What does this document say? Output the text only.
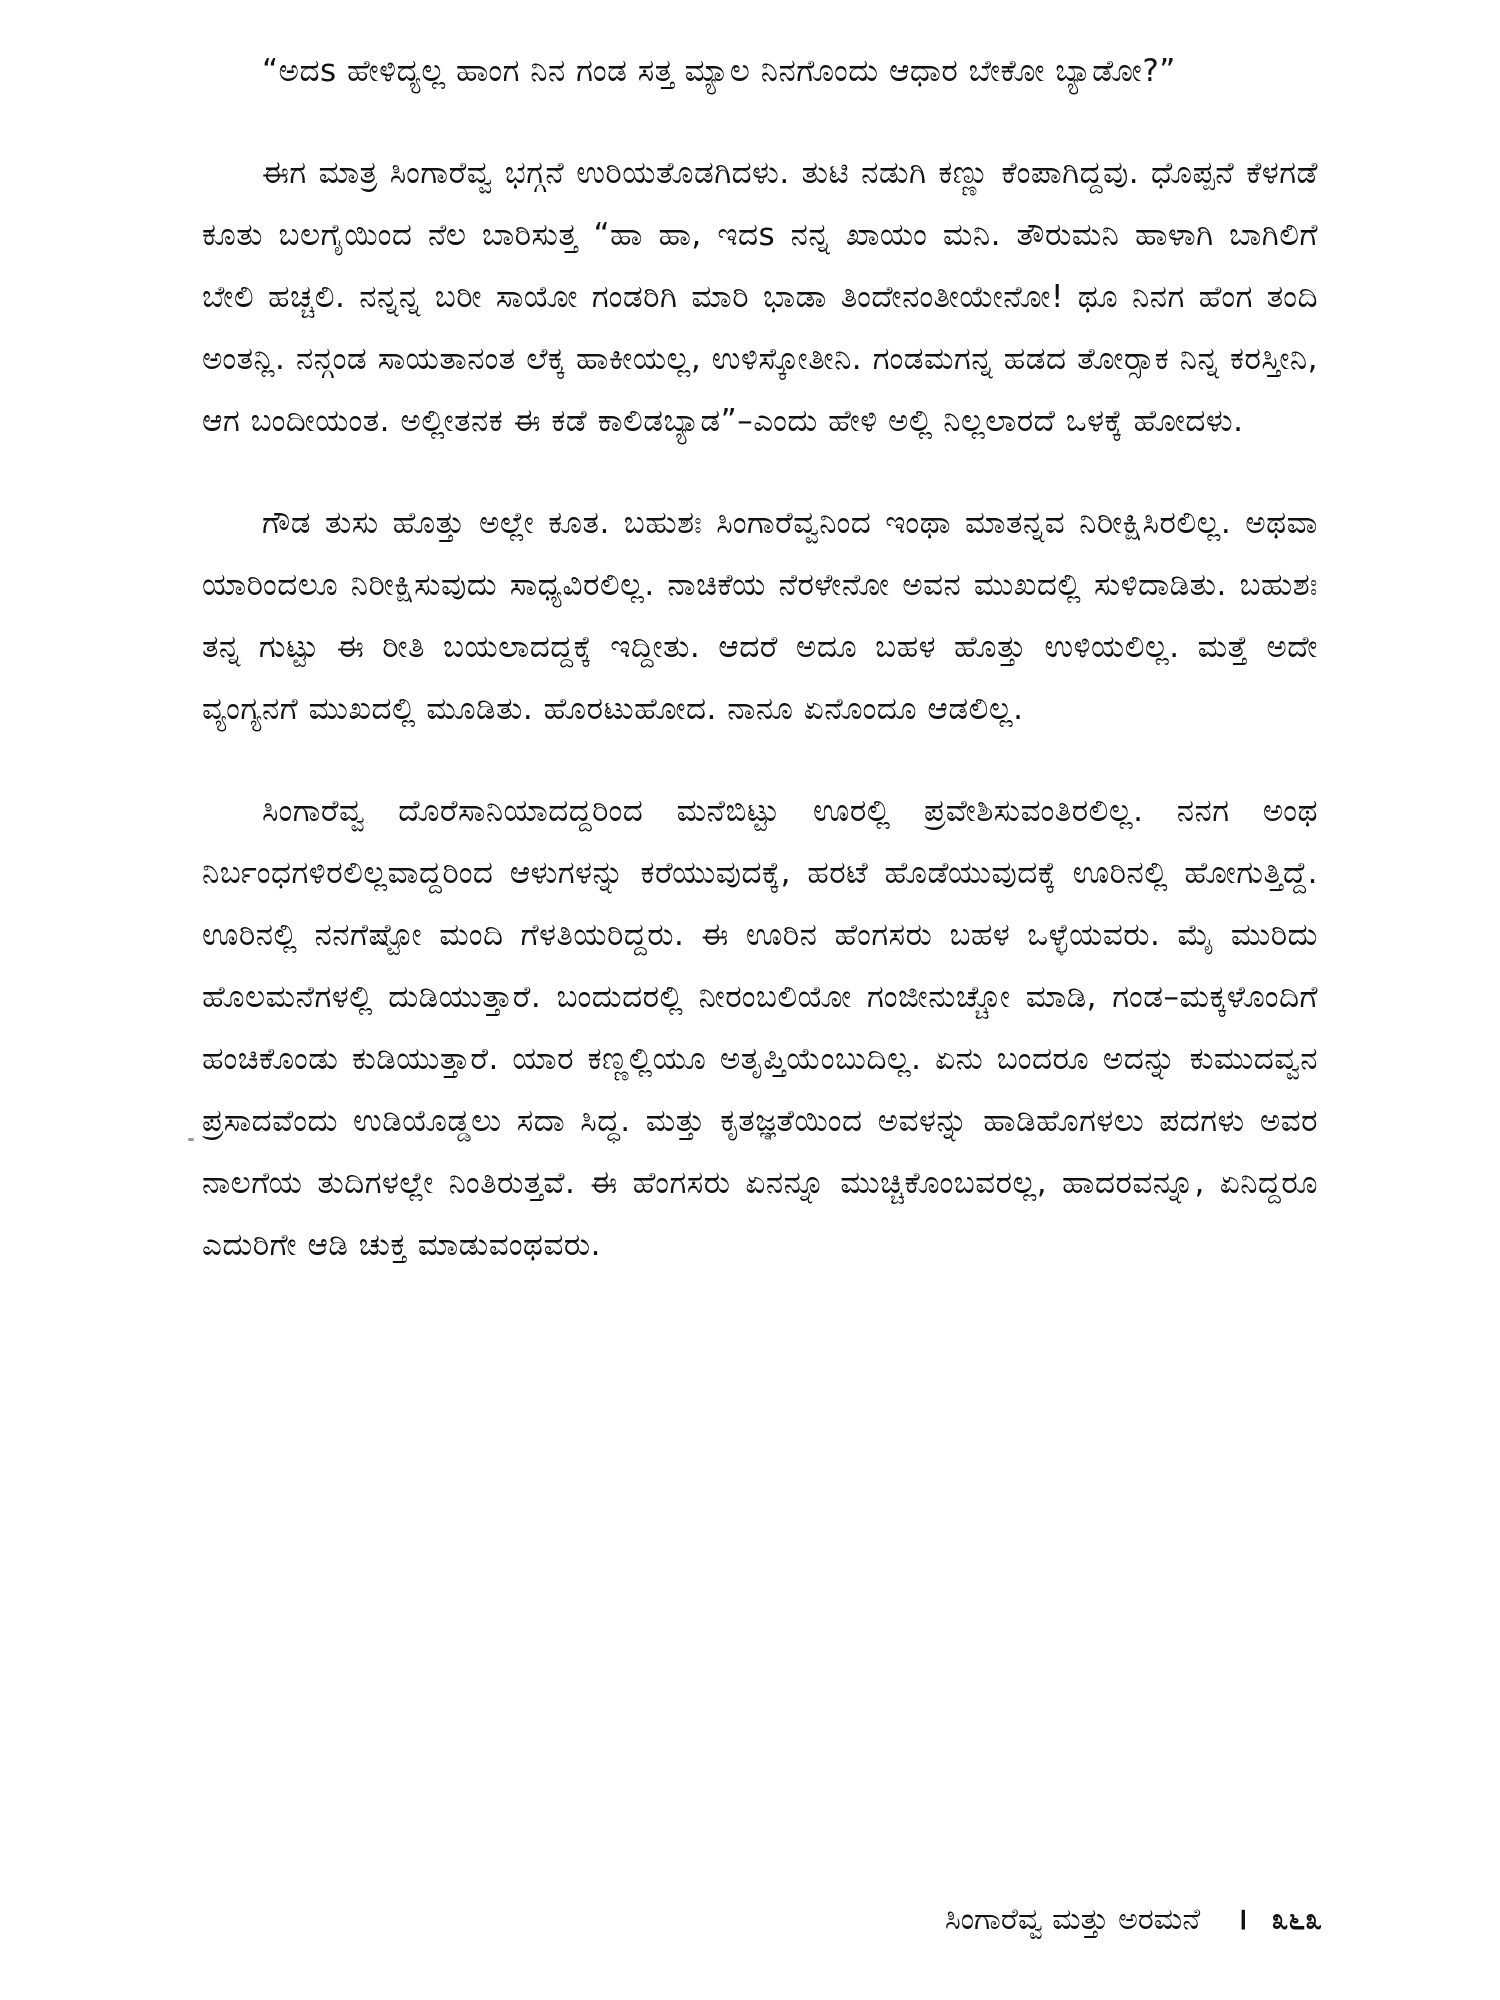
“ಅದs ಹೇಳಿದ್ಯಲ್ಲ ಹಾಂಗ ನಿನ ಗಂಡ ಸತ್ತ ಮ್ಯಾಲ ನಿನಗೊಂದು ಆಧಾರ ಬೇಕೋ ಬ್ಯಾಡೋ?”

ಈಗ ಮಾತ್ರ ಸಿಂಗಾರೆವ್ವ ಭಗ್ಗನೆ ಉರಿಯತೊಡಗಿದಳು. ತುಟಿ ನಡುಗಿ ಕಣ್ಣು ಕೆಂಪಾಗಿದ್ದವು. ಧೊಪ್ಪನೆ ಕೆಳಗಡೆ ಕೂತು ಬಲಗೈಯಿಂದ ನೆಲ ಬಾರಿಸುತ್ತ “ಹಾ ಹಾ, ಇದs ನನ್ನ ಖಾಯಂ ಮನಿ. ತೌರುಮನಿ ಹಾಳಾಗಿ ಬಾಗಿಲಿಗೆ ಬೇಲಿ ಹಚ್ಚಲಿ. ನನ್ನನ್ನ ಬರೀ ಸಾಯೋ ಗಂಡರಿಗಿ ಮಾರಿ ಭಾಡಾ ತಿಂದೇನಂತೀಯೇನೋ! ಥೂ ನಿನಗ ಹೆಂಗ ತಂದಿ ಅಂತನ್ಲಿ. ನನ್ಗಂಡ ಸಾಯತಾನಂತ ಲೆಕ್ಕ ಹಾಕೀಯಲ್ಲ, ಉಳಿಸ್ಕೋತೀನಿ. ಗಂಡಮಗನ್ನ ಹಡದ ತೋರ್‍ಸಾಕ ನಿನ್ನ ಕರಸ್ತೀನಿ, ಆಗ ಬಂದೀಯಂತ. ಅಲ್ಲೀತನಕ ಈ ಕಡೆ ಕಾಲಿಡಬ್ಯಾಡ”–ಎಂದು ಹೇಳಿ ಅಲ್ಲಿ ನಿಲ್ಲಲಾರದೆ ಒಳಕ್ಕೆ ಹೋದಳು.

ಗೌಡ ತುಸು ಹೊತ್ತು ಅಲ್ಲೇ ಕೂತ. ಬಹುಶಃ ಸಿಂಗಾರೆವ್ವನಿಂದ ಇಂಥಾ ಮಾತನ್ನವ ನಿರೀಕ್ಷಿಸಿರಲಿಲ್ಲ. ಅಥವಾ ಯಾರಿಂದಲೂ ನಿರೀಕ್ಷಿಸುವುದು ಸಾಧ್ಯವಿರಲಿಲ್ಲ. ನಾಚಿಕೆಯ ನೆರಳೇನೋ ಅವನ ಮುಖದಲ್ಲಿ ಸುಳಿದಾಡಿತು. ಬಹುಶಃ ತನ್ನ ಗುಟ್ಟು ಈ ರೀತಿ ಬಯಲಾದದ್ದಕ್ಕೆ ಇದ್ದೀತು. ಆದರೆ ಅದೂ ಬಹಳ ಹೊತ್ತು ಉಳಿಯಲಿಲ್ಲ. ಮತ್ತೆ ಅದೇ ವ್ಯಂಗ್ಯನಗೆ ಮುಖದಲ್ಲಿ ಮೂಡಿತು. ಹೊರಟುಹೋದ. ನಾನೂ ಏನೊಂದೂ ಆಡಲಿಲ್ಲ.

ಸಿಂಗಾರೆವ್ವ ದೊರೆಸಾನಿಯಾದದ್ದರಿಂದ ಮನೆಬಿಟ್ಟು ಊರಲ್ಲಿ ಪ್ರವೇಶಿಸುವಂತಿರಲಿಲ್ಲ. ನನಗ ಅಂಥ ನಿರ್ಬಂಧಗಳಿರಲಿಲ್ಲವಾದ್ದರಿಂದ ಆಳುಗಳನ್ನು ಕರೆಯುವುದಕ್ಕೆ, ಹರಟೆ ಹೊಡೆಯುವುದಕ್ಕೆ ಊರಿನಲ್ಲಿ ಹೋಗುತ್ತಿದ್ದೆ. ಊರಿನಲ್ಲಿ ನನಗೆಷ್ಟೋ ಮಂದಿ ಗೆಳತಿಯರಿದ್ದರು. ಈ ಊರಿನ ಹೆಂಗಸರು ಬಹಳ ಒಳ್ಳೆಯವರು. ಮೈ ಮುರಿದು ಹೊಲಮನೆಗಳಲ್ಲಿ ದುಡಿಯುತ್ತಾರೆ. ಬಂದುದರಲ್ಲಿ ನೀರಂಬಲಿಯೋ ಗಂಜೀನುಚ್ಚೋ ಮಾಡಿ, ಗಂಡ–ಮಕ್ಕಳೊಂದಿಗೆ ಹಂಚಿಕೊಂಡು ಕುಡಿಯುತ್ತಾರೆ. ಯಾರ ಕಣ್ಣಲ್ಲಿಯೂ ಅತೃಪ್ತಿಯೆಂಬುದಿಲ್ಲ. ಏನು ಬಂದರೂ ಅದನ್ನು ಕುಮುದವ್ವನ ಪ್ರಸಾದವೆಂದು ಉಡಿಯೊಡ್ಡಲು ಸದಾ ಸಿದ್ಧ. ಮತ್ತು ಕೃತಜ್ಞತೆಯಿಂದ ಅವಳನ್ನು ಹಾಡಿಹೊಗಳಲು ಪದಗಳು ಅವರ ನಾಲಗೆಯ ತುದಿಗಳಲ್ಲೇ ನಿಂತಿರುತ್ತವೆ. ಈ ಹೆಂಗಸರು ಏನನ್ನೂ ಮುಚ್ಚಿಕೊಂಬವರಲ್ಲ, ಹಾದರವನ್ನೂ, ಏನಿದ್ದರೂ ಎದುರಿಗೇ ಆಡಿ ಚುಕ್ತ ಮಾಡುವಂಥವರು.

ಸಿಂಗಾರೆವ್ವ ಮತ್ತು ಅರಮನೆ । ೩೬೩
